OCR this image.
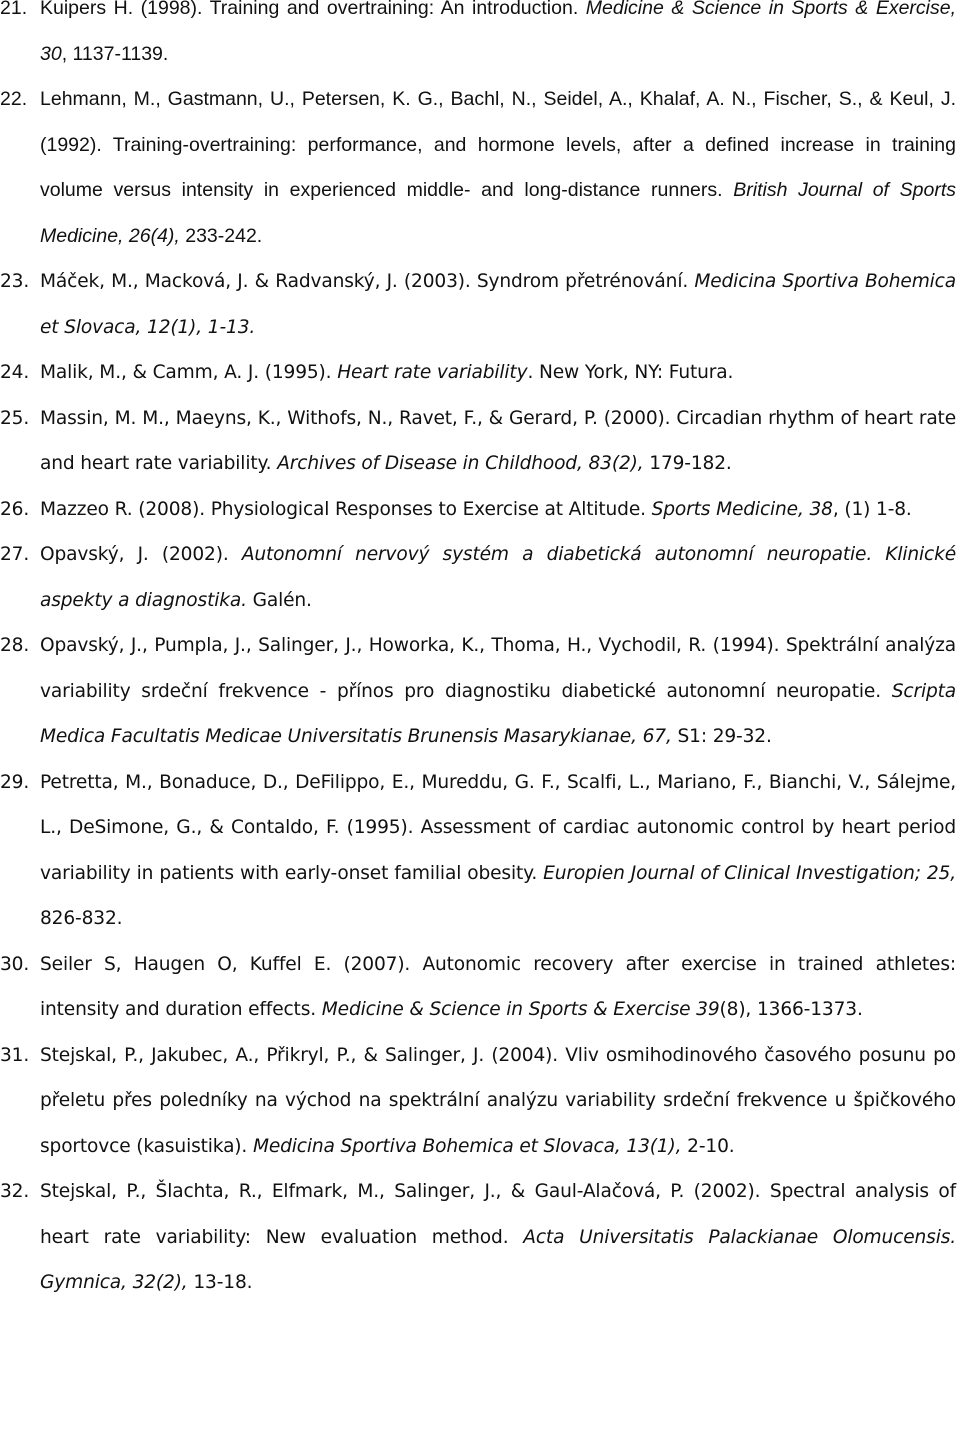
21. Kuipers H. (1998). Training and overtraining: An introduction. Medicine & Science in Sports & Exercise, 30, 1137-1139.
22. Lehmann, M., Gastmann, U., Petersen, K. G., Bachl, N., Seidel, A., Khalaf, A. N., Fischer, S., & Keul, J. (1992). Training-overtraining: performance, and hormone levels, after a defined increase in training volume versus intensity in experienced middle- and long-distance runners. British Journal of Sports Medicine, 26(4), 233-242.
23. Máček, M., Macková, J. & Radvanský, J. (2003). Syndrom přetrénování. Medicina Sportiva Bohemica et Slovaca, 12(1), 1-13.
24. Malik, M., & Camm, A. J. (1995). Heart rate variability. New York, NY: Futura.
25. Massin, M. M., Maeyns, K., Withofs, N., Ravet, F., & Gerard, P. (2000). Circadian rhythm of heart rate and heart rate variability. Archives of Disease in Childhood, 83(2), 179-182.
26. Mazzeo R. (2008). Physiological Responses to Exercise at Altitude. Sports Medicine, 38, (1) 1-8.
27. Opavský, J. (2002). Autonomní nervový systém a diabetická autonomní neuropatie. Klinické aspekty a diagnostika. Galén.
28. Opavský, J., Pumpla, J., Salinger, J., Howorka, K., Thoma, H., Vychodil, R. (1994). Spektrální analýza variability srdeční frekvence - přínos pro diagnostiku diabetické autonomní neuropatie. Scripta Medica Facultatis Medicae Universitatis Brunensis Masarykianae, 67, S1: 29-32.
29. Petretta, M., Bonaduce, D., DeFilippo, E., Mureddu, G. F., Scalfi, L., Mariano, F., Bianchi, V., Sálejme, L., DeSimone, G., & Contaldo, F. (1995). Assessment of cardiac autonomic control by heart period variability in patients with early-onset familial obesity. Europien Journal of Clinical Investigation; 25, 826-832.
30. Seiler S, Haugen O, Kuffel E. (2007). Autonomic recovery after exercise in trained athletes: intensity and duration effects. Medicine & Science in Sports & Exercise 39(8), 1366-1373.
31. Stejskal, P., Jakubec, A., Přikryl, P., & Salinger, J. (2004). Vliv osmihodinového časového posunu po přeletu přes poledníky na východ na spektrální analýzu variability srdeční frekvence u špičkového sportovce (kasuistika). Medicina Sportiva Bohemica et Slovaca, 13(1), 2-10.
32. Stejskal, P., Šlachta, R., Elfmark, M., Salinger, J., & Gaul-Alačová, P. (2002). Spectral analysis of heart rate variability: New evaluation method. Acta Universitatis Palackianae Olomucensis. Gymnica, 32(2), 13-18.
